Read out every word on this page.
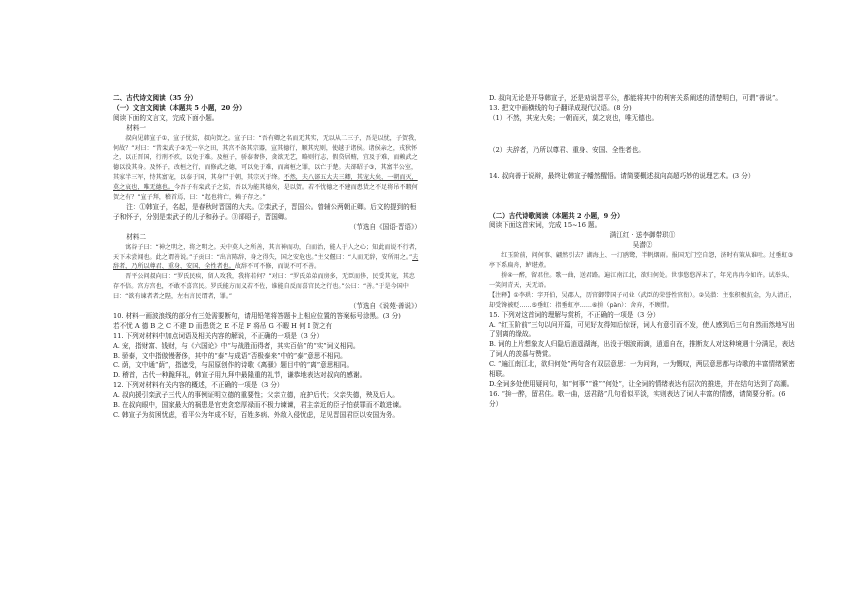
二、古代诗文阅读（35 分）

（一）文言文阅读（本题共 5 小题，20 分）

阅读下面的文言文，完成下面小题。

材料一

叔向见韩宣子①，宣子忧贫，叔向贺之。宣子曰：“吾有卿之名而无其实，无以从二三子，吾是以忧，子贺我，何故？”对曰：“昔栾武子②无一卒之田，其宫不备其宗器，宣其德行，顺其宪则，使越于诸侯。诸侯亲之，戎狄怀之，以正晋国，行刑不疚，以免于难。及桓子，骄泰奢侈，贪欲无艺，略则行志，假贷居贿，宜及于难，而赖武之德以没其身。及怀子，改桓之行，而修武之德，可以免于难，而离桓之罪，以亡于楚。夫郤昭子③，其富半公室，其家半三军，恃其富宠，以泰于国，其身尸于朝，其宗灭于绛。不然，夫八郤五大夫三卿，其宠大矣，一朝而灭，莫之哀也，唯无德也。今吾子有栾武子之贫，吾以为能其德矣，是以贺。若不忧德之不建而患货之不足将吊不暇何贺之有？”宣子拜，稽首焉，曰：“起也将亡，赖子存之。”

注：①韩宣子，名起，是春秋时晋国的大夫。②栾武子，晋国公。曾辅公两朝正卿。后文的提到的桓子和怀子，分别是栾武子的儿子和孙子。③郤昭子，晋国卿。

（节选自《国语·晋语》）

材料二

寓谷子曰：“神之明之，将之明之。天中莫人之所善，其言神而功，白而治，能人于人之心；知此而说不行者，天下未尝闻也。此之谓善说。”子贡曰：“出言陈辞，身之得失，国之安危也。”主父偃曰：“人而无辞，安所用之。”夫辞者，乃所以尊君、重身、安国、全性者也。故辞不可不修，而说不可不善。

晋平公问叔向曰：“罗氏民疾，留人攻我，我将若何？”对曰：“罗氏弟弟而房多，无臣而侈，民受其宠，其忠存不倍。宫方宫也，不敢不喜宫民。罗氏能方而义若不佐，谁能自反而喜宫民之行也。”公曰：“善。”于是今国中曰：“欲有谏者者之陛，左右言民谓者，罪。”

（节选自《说苑·善说》）

10. 材料一画波浪线的部分有三处需要断句，请用铅笔将答题卡上相应位置的答案标号涂黑。(3 分)

若不忧 A 德 B 之 C 不建 D 而患货之 E 不足 F 将吊 G 不暇 H 何 I 贺之有

11. 下列对材料中加点词语及相关内容的解说，不正确的一项是（3 分）

A. 宠，指财富、钱财，与《六国论》中“与战胜而得者，其实百倍”的“实”词义相同。

B. 骄泰，文中指傲慢奢侈，其中的“泰”与成语“否极泰来”中的“泰”意思不相同。

C. 荫，文中通“荫”，指遮受，与屈原创作的诗歌《离骚》题目中的“离”意思相同。

D. 稽首，古代一种跪拜礼，韩宣子用九拜中最隆重的礼节，谦恭地表达对叔向的感谢。

12. 下列对材料有关内容的概述，不正确的一项是（3 分）

A. 叔向援引栾武子三代人的事例证明立德的重要性；父亲立德，庇护后代；父亲失德，殃及后人。

B. 在叔向眼中，国家最大的祸患是官吏贪恋厚禄而不极力谏谏，君主亲近的臣子怕获罪而不敢进谏。

C. 韩宣子为贫困忧虑，看平公为年成不好，百姓多病、外敌入侵忧虑，足见晋国君臣以安国为务。

D. 叔向无论是开导韩宣子，还是劝说晋平公，都能将其中的利害关系阐述的清楚明白，可谓“善说”。

13. 把文中画横线的句子翻译成现代汉语。(8 分)

（1）不然，其宠大矣；一朝而灭，莫之哀也，唯无德也。

（2）夫辞者，乃所以尊君、重身、安国、全性者也。

14. 叔向善于说辩，最终让韩宣子幡然醒悟。请简要概述叔向高超巧妙的说理艺术。(3 分）

（二）古代诗歌阅读（本题共 2 小题，9 分）

阅读下面这首宋词，完成 15~16 题。

满江红 · 送李御带珙①

吴潜②

红玉阶前，问何事、翩然引去？湖海上、一汀鸥鹭，半帆烟雨。报国无门空自怨，济时有策从谁吐。过垂虹③亭下系扁舟，鲈堪煮。

拚④一醉，留君住。歌一曲，送君路。遍江南江北，欲归何处。世事悠悠浑未了，年光冉冉今如许。试举头、一笑问青天，天无语。

【注释】①李珙：字开伯，吴郡人，历官御带国子司业（武臣的荣誉性官衔）。②吴潜：主张积极抗金，为人清正，却受馋被贬……⑤垂虹：指垂虹亭……⑥拚（pàn）：舍弃，不顾惜。

15. 下列对这首词的理解与赏析，不正确的一项是（3 分）

A. “红玉阶前”三句以问开篇，可见好友得知后惊讶，词人有意引而不发，使人感到后三句自然而然地写出了别离的缘故。

B. 词的上片想象友人归隐后逍遥湖海，出没于烟波雨滴，逍遥自在，推断友人对这种境遇十分满足，表达了词人的羡慕与赞赏。

C. “遍江南江北，欲归何处”两句含有双层意思：一为问询，一为慨叹，两层意思都与诗歌的丰富情绪紧密相联。

D.全词多处使用疑问句，如“何事”“谁”“何处”，让全词的情绪表达有层次的推进，并在结句达到了高潮。

16. “拚一醉，留君住。歌一曲，送君路”几句看似平淡，实则表达了词人丰富的情感，请简要分析。(6 分）
